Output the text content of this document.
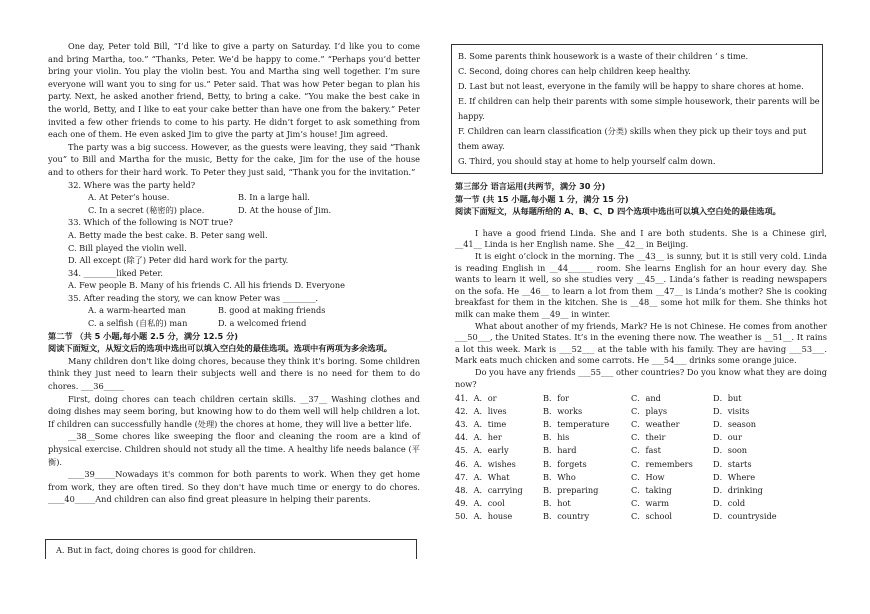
One day, Peter told Bill, “I’d like to give a party on Saturday. I’d like you to come and bring Martha, too.” “Thanks, Peter. We’d be happy to come.” “Perhaps you’d better bring your violin. You play the violin best. You and Martha sing well together. I’m sure everyone will want you to sing for us.” Peter said. That was how Peter began to plan his party. Next, he asked another friend, Betty, to bring a cake. “You make the best cake in the world, Betty, and I like to eat your cake better than have one from the bakery.” Peter invited a few other friends to come to his party. He didn’t forget to ask something from each one of them. He even asked Jim to give the party at Jim’s house! Jim agreed.

The party was a big success. However, as the guests were leaving, they said “Thank you” to Bill and Martha for the music, Betty for the cake, Jim for the use of the house and to others for their hard work. To Peter they just said, “Thank you for the invitation.”

32. Where was the party held?

A. At Peter’s house.	B. In a large hall.
C. In a secret (秘密的) place.	D. At the house of Jim.

33. Which of the following is NOT true?

A. Betty made the best cake. B. Peter sang well.

C. Bill played the violin well.

D. All except (除了) Peter did hard work for the party.

34. ________liked Peter.

A. Few people B. Many of his friends C. All his friends D. Everyone

35. After reading the story, we can know Peter was ________.

A. a warm-hearted man	B. good at making friends
C. a selfish (自私的) man	D. a welcomed friend

第二节 （共 5 小题,每小题 2.5 分，满分 12.5 分)

阅读下面短文，从短文后的选项中选出可以填入空白处的最佳选项。选项中有两项为多余选项。

Many children don't like doing chores, because they think it's boring. Some children think they just need to learn their subjects well and there is no need for them to do chores. ___36_____

First, doing chores can teach children certain skills. __37__ Washing clothes and doing dishes may seem boring, but knowing how to do them well will help children a lot. If children can successfully handle (处理) the chores at home, they will live a better life.

__38__Some chores like sweeping the floor and cleaning the room are a kind of physical exercise. Children should not study all the time. A healthy life needs balance (平衡).

____39_____Nowadays it's common for both parents to work. When they get home from work, they are often tired. So they don't have much time or energy to do chores. ____40_____And children can also find great pleasure in helping their parents.

A. But in fact, doing chores is good for children.

B. Some parents think housework is a waste of their children ’ s time.

C. Second, doing chores can help children keep healthy.

D. Last but not least, everyone in the family will be happy to share chores at home.

E. If children can help their parents with some simple housework, their parents will be happy.

F. Children can learn classification (分类) skills when they pick up their toys and put them away.

G. Third, you should stay at home to help yourself calm down.

第三部分 语言运用(共两节，满分 30 分)

第一节 (共 15 小题,每小题 1 分，满分 15 分)

阅读下面短文，从每题所给的 A、B、C、D 四个选项中选出可以填入空白处的最佳选项。

I have a good friend Linda. She and I are both students. She is a Chinese girl, __41__ Linda is her English name. She __42__ in Beijing.

It is eight o’clock in the morning. The __43__ is sunny, but it is still very cold. Linda is reading English in __44______ room. She learns English for an hour every day. She wants to learn it well, so she studies very __45__. Linda’s father is reading newspapers on the sofa. He __46__ to learn a lot from them __47__ is Linda’s mother? She is cooking breakfast for them in the kitchen. She is __48__ some hot milk for them. She thinks hot milk can make them __49__ in winter.

What about another of my friends, Mark? He is not Chinese. He comes from another ___50___, the United States. It’s in the evening there now. The weather is __51__. It rains a lot this week. Mark is ___52___ at the table with his family. They are having ___53___. Mark eats much chicken and some carrots. He ___54___ drinks some orange juice.

Do you have any friends ___55___ other countries? Do you know what they are doing now?

41．A．or	B．for	C．and	D．but
42．A．lives	B．works	C．plays	D．visits
43．A．time	B．temperature	C．weather	D．season
44．A．her	B．his	C．their	D．our
45．A．early	B．hard	C．fast	D．soon
46．A．wishes	B．forgets	C．remembers	D．starts
47．A．What	B．Who	C．How	D．Where
48．A．carrying	B．preparing	C．taking	D．drinking
49．A．cool	B．hot	C．warm	D．cold
50．A．house	B．country	C．school	D．countryside
